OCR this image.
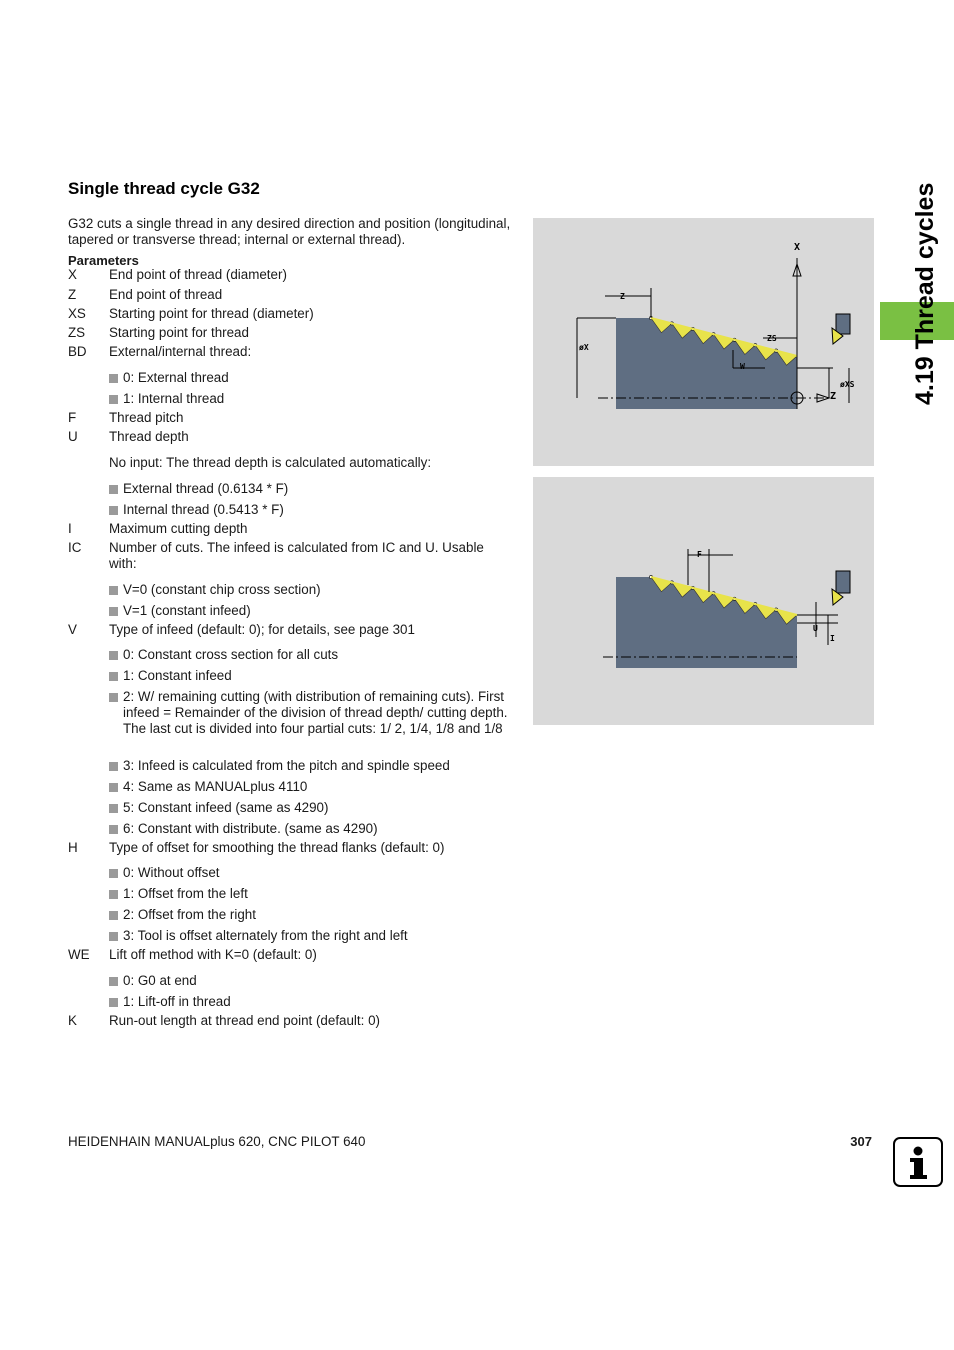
Single thread cycle G32
G32 cuts a single thread in any desired direction and position (longitudinal, tapered or transverse thread; internal or external thread).
Parameters
X End point of thread (diameter)
Z End point of thread
XS Starting point for thread (diameter)
ZS Starting point for thread
BD External/internal thread:
0: External thread
1: Internal thread
F Thread pitch
U Thread depth
No input: The thread depth is calculated automatically:
External thread (0.6134 * F)
Internal thread (0.5413 * F)
I	Maximum cutting depth
IC Number of cuts. The infeed is calculated from IC and U. Usable with:
V=0 (constant chip cross section)
V=1 (constant infeed)
V Type of infeed (default: 0); for details, see page 301
0: Constant cross section for all cuts
1: Constant infeed
2: W/ remaining cutting (with distribution of remaining cuts). First infeed = Remainder of the division of thread depth/ cutting depth. The last cut is divided into four partial cuts: 1/ 2, 1/4, 1/8 and 1/8
3: Infeed is calculated from the pitch and spindle speed
4: Same as MANUALplus 4110
5: Constant infeed (same as 4290)
6: Constant with distribute. (same as 4290)
H Type of offset for smoothing the thread flanks (default: 0)
0: Without offset
1: Offset from the left
2: Offset from the right
3: Tool is offset alternately from the right and left
WE Lift off method with K=0 (default: 0)
0: G0 at end
1: Lift-off in thread
K Run-out length at thread end point (default: 0)
X
Z
ZS
øX
W
øXS
Z
F
U
I
4.19 Thread cycles
HEIDENHAIN MANUALplus 620, CNC PILOT 640	307
